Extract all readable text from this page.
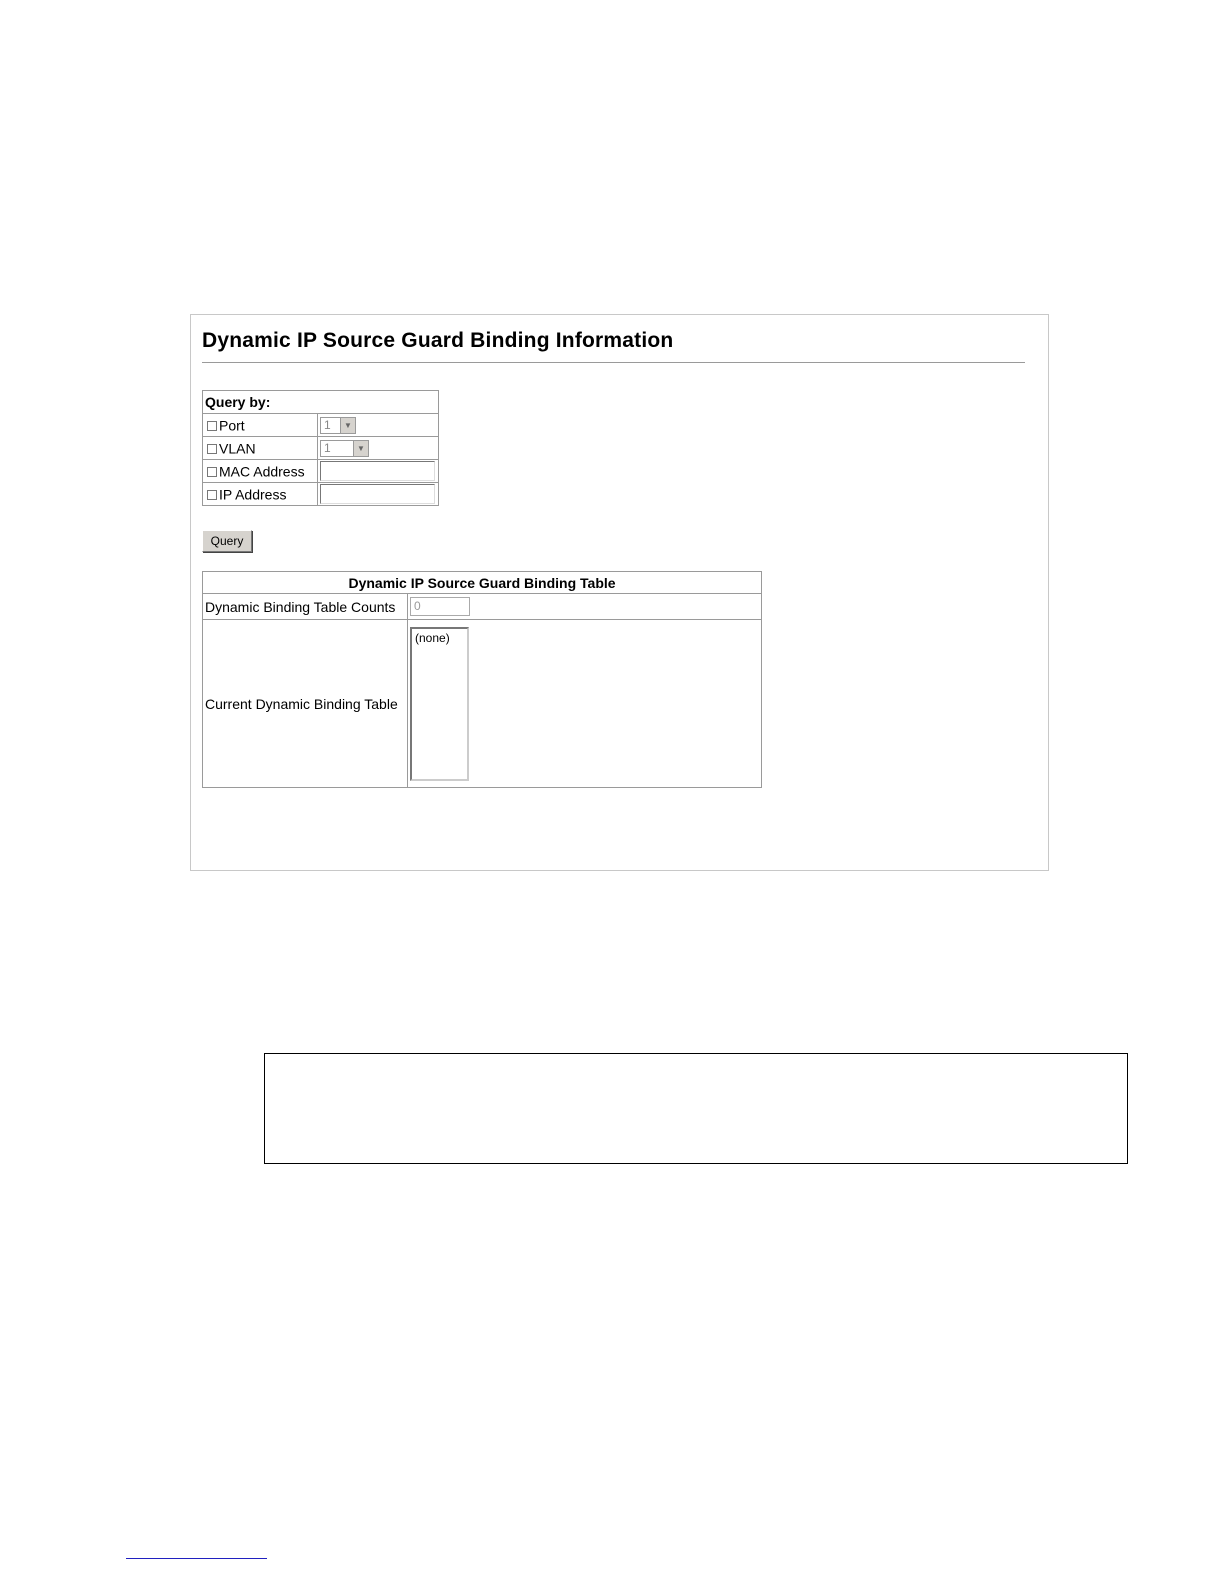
Dynamic IP Source Guard Binding Information
Query by:	
Port	1 ▼

VLAN	1 ▼

MAC Address	

IP Address	
Query
Dynamic IP Source Guard Binding Table	
Dynamic Binding Table Counts	0
Current Dynamic Binding Table	(none)
